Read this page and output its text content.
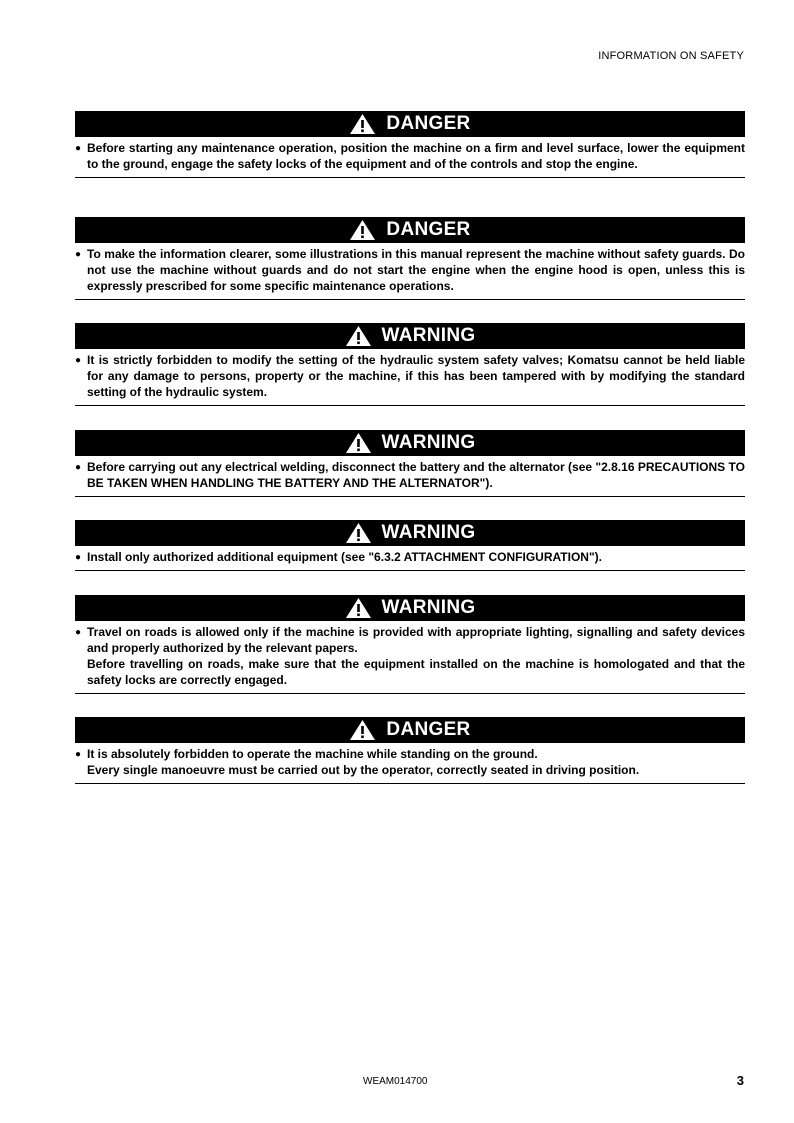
INFORMATION ON SAFETY
DANGER
● Before starting any maintenance operation, position the machine on a firm and level surface, lower the equipment to the ground, engage the safety locks of the equipment and of the controls and stop the engine.
DANGER
● To make the information clearer, some illustrations in this manual represent the machine without safety guards. Do not use the machine without guards and do not start the engine when the engine hood is open, unless this is expressly prescribed for some specific maintenance operations.
WARNING
● It is strictly forbidden to modify the setting of the hydraulic system safety valves; Komatsu cannot be held liable for any damage to persons, property or the machine, if this has been tampered with by modifying the standard setting of the hydraulic system.
WARNING
● Before carrying out any electrical welding, disconnect the battery and the alternator (see "2.8.16 PRECAUTIONS TO BE TAKEN WHEN HANDLING THE BATTERY AND THE ALTERNATOR").
WARNING
● Install only authorized additional equipment (see "6.3.2 ATTACHMENT CONFIGURATION").
WARNING
● Travel on roads is allowed only if the machine is provided with appropriate lighting, signalling and safety devices and properly authorized by the relevant papers.
Before travelling on roads, make sure that the equipment installed on the machine is homologated and that the safety locks are correctly engaged.
DANGER
● It is absolutely forbidden to operate the machine while standing on the ground.
Every single manoeuvre must be carried out by the operator, correctly seated in driving position.
WEAM014700	3
